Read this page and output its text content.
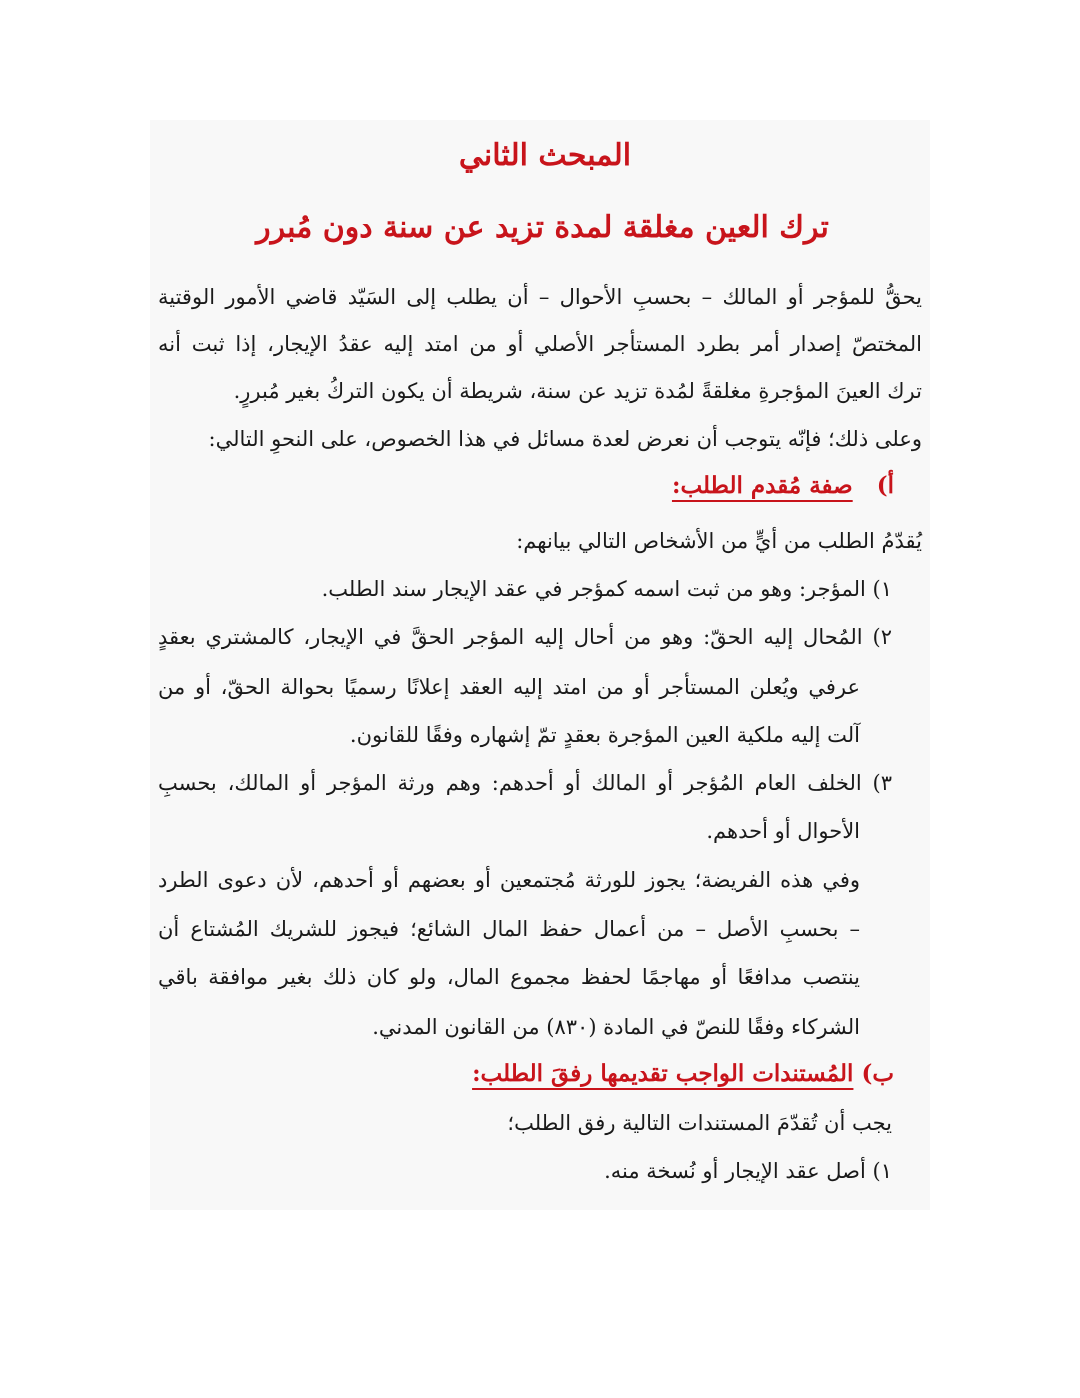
المبحث الثاني
ترك العين مغلقة لمدة تزيد عن سنة دون مُبرر
يحقُّ للمؤجر أو المالك – بحسبِ الأحوال – أن يطلب إلى السَيّد قاضي الأمور الوقتية
المختصّ إصدار أمر بطرد المستأجر الأصلي أو من امتد إليه عقدُ الإيجار، إذا ثبت أنه
ترك العينَ المؤجرةِ مغلقةً لمُدة تزيد عن سنة، شريطة أن يكون التركُ بغير مُبررٍ.
وعلى ذلك؛ فإنّه يتوجب أن نعرض لعدة مسائل في هذا الخصوص، على النحوِ التالي:
أ)   صفة مُقدم الطلب:
يُقدّمُ الطلب من أيٍّ من الأشخاص التالي بيانهم:
١) المؤجر: وهو من ثبت اسمه كمؤجر في عقد الإيجار سند الطلب.
٢) المُحال إليه الحقّ: وهو من أحال إليه المؤجر الحقَّ في الإيجار، كالمشتري بعقدٍ
عرفي ويُعلن المستأجر أو من امتد إليه العقد إعلانًا رسميًا بحوالة الحقّ، أو من
آلت إليه ملكية العين المؤجرة بعقدٍ تمّ إشهاره وفقًا للقانون.
٣) الخلف العام المُؤجر أو المالك أو أحدهم: وهم ورثة المؤجر أو المالك، بحسبِ
الأحوال أو أحدهم.
وفي هذه الفريضة؛ يجوز للورثة مُجتمعين أو بعضهم أو أحدهم، لأن دعوى الطرد
– بحسبِ الأصل – من أعمال حفظ المال الشائع؛ فيجوز للشريك المُشتاع أن
ينتصب مدافعًا أو مهاجمًا لحفظ مجموع المال، ولو كان ذلك بغير موافقة باقي
الشركاء وفقًا للنصّ في المادة (٨٣٠) من القانون المدني.
ب) المُستندات الواجب تقديمها رفقَ الطلب:
يجب أن تُقدّمَ المستندات التالية رفق الطلب؛
١) أصل عقد الإيجار أو نُسخة منه.
